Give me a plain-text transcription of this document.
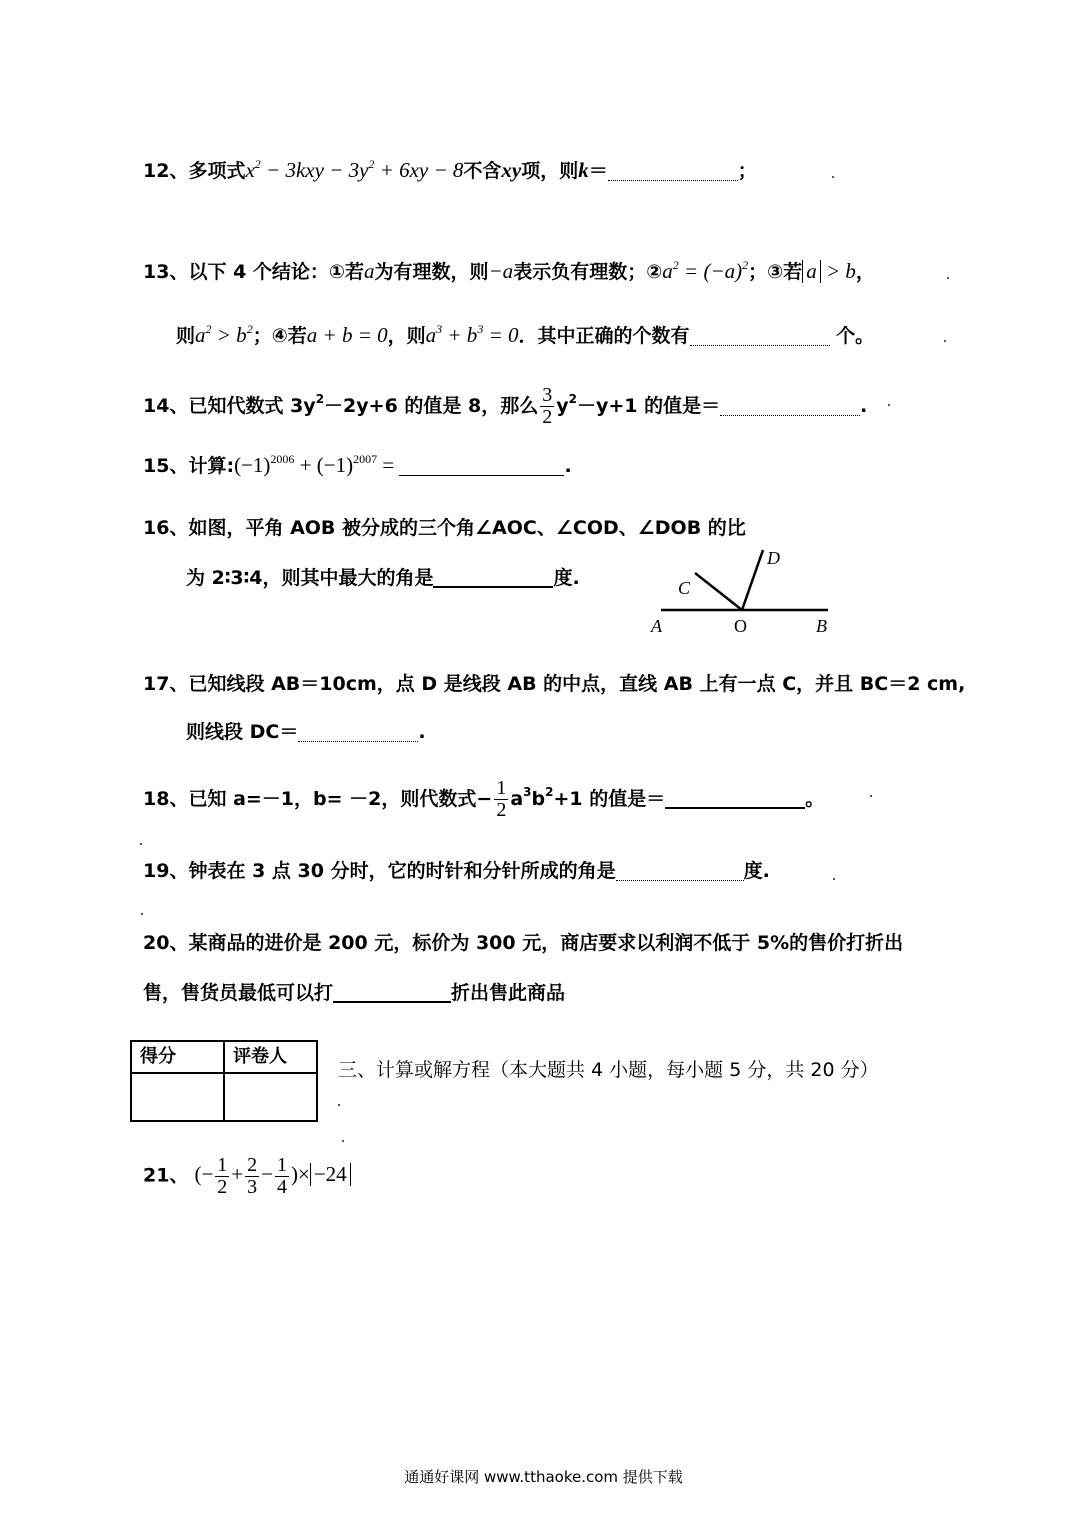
12、多项式$x^2 - 3kxy - 3y^2 + 6xy - 8$不含xy项，则k＝	；
13、以下 4 个结论：①若a为有理数，则−a表示负有理数；$②a^2 = (-a)^2$；③若 a > b，
则$a^2 > b^2$；④若a + b = 0，则$a^3 + b^3 = 0$．其中正确的个数有	个。
14、已知代数式 $3y^2-2y+6$ 的值是 8，那么 $\frac{3}{2} y^2-y+1$ 的值是＝	.
15、计算$:(-1)^{2006} + (-1)^{2007}$ =	.
16、如图，平角 AOB 被分成的三个角∠AOC、∠COD、∠DOB 的比
为 2∶3∶4，则其中最大的角是	度.
A	O	B
C
D
17、已知线段 AB＝10cm，点 D 是线段 AB 的中点，直线 AB 上有一点 C，并且 BC＝2 cm,
则线段 DC＝	.
18、已知 a=－1，b= －2，则代数式− $\frac{1}{2} a^3b^2+1$ 的值是＝	。
19、钟表在 3 点 30 分时，它的时针和分针所成的角是	度.
20、某商品的进价是 200 元，标价为 300 元，商店要求以利润不低于 5%的售价打折出
售，售货员最低可以打	折出售此商品
得分	评卷人

三、计算或解方程（本大题共 4 小题，每小题 5 分，共 20 分）
21、 (− $\frac{1}{2} + \frac{2}{3} - \frac{1}{4}$ )× −24
通通好课网 www.tthaoke.com 提供下载
